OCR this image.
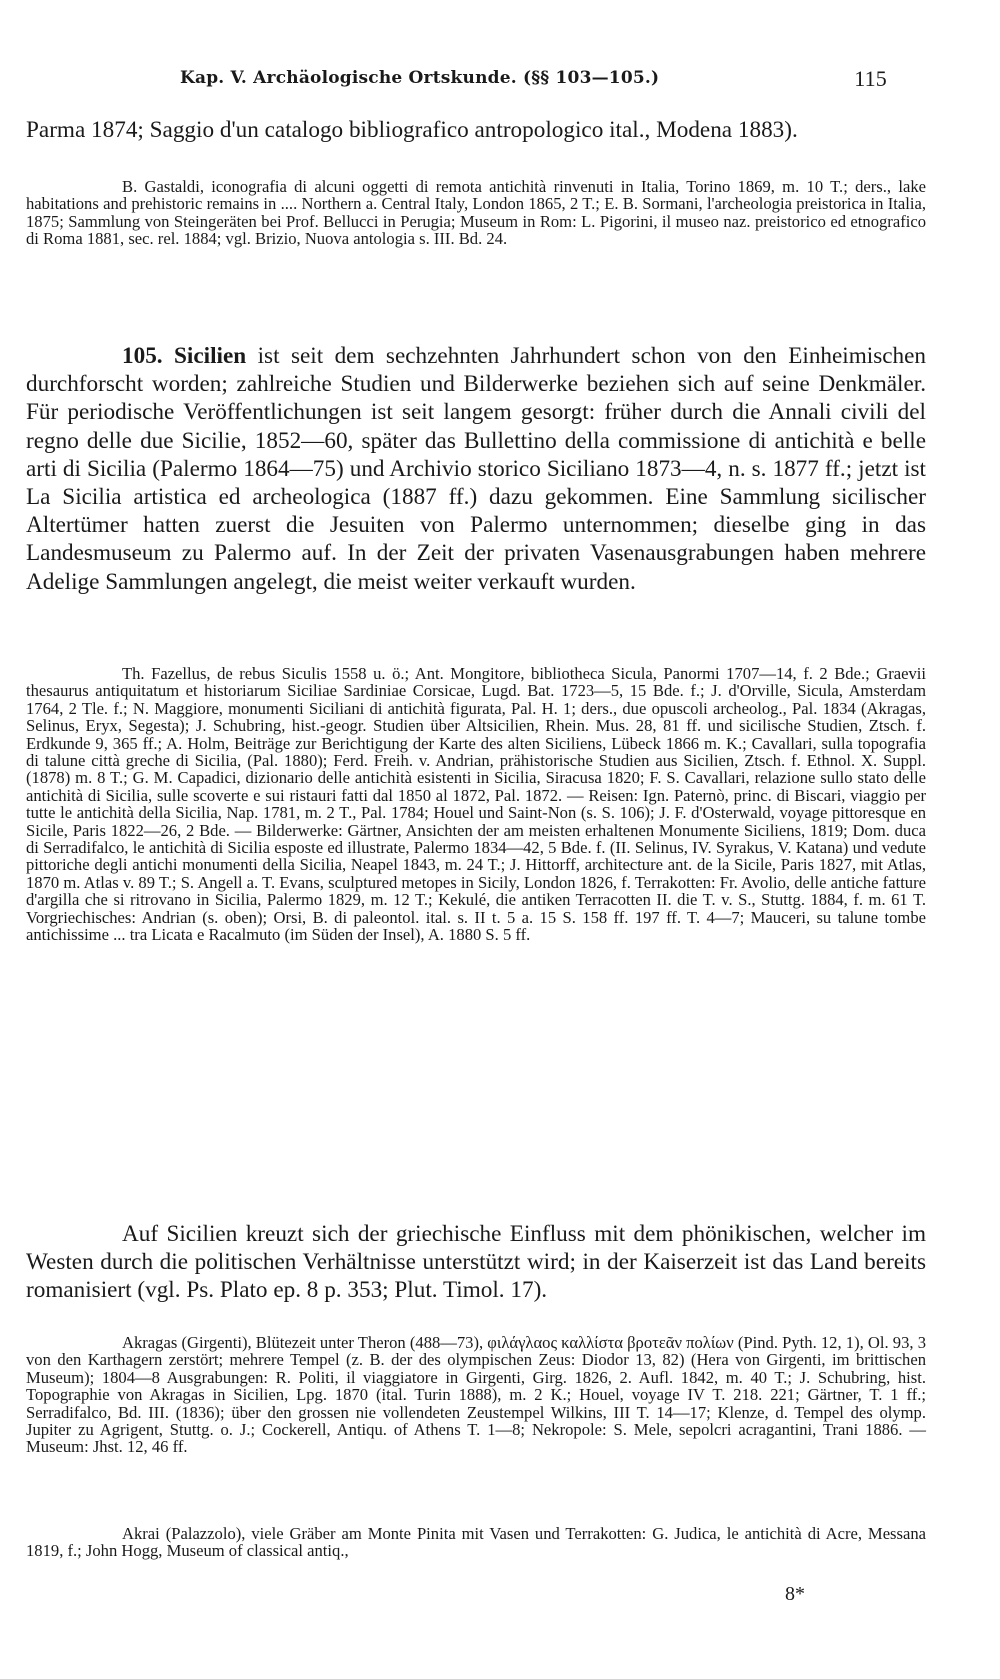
Kap. V. Archäologische Ortskunde. (§§ 103—105.)	115

Parma 1874; Saggio d'un catalogo bibliografico antropologico ital., Modena 1883).

B. Gastaldi, iconografia di alcuni oggetti di remota antichità rinvenuti in Italia, Torino 1869, m. 10 T.; ders., lake habitations and prehistoric remains in .... Northern a. Central Italy, London 1865, 2 T.; E. B. Sormani, l'archeologia preistorica in Italia, 1875; Sammlung von Steingeräten bei Prof. Bellucci in Perugia; Museum in Rom: L. Pigorini, il museo naz. preistorico ed etnografico di Roma 1881, sec. rel. 1884; vgl. Brizio, Nuova antologia s. III. Bd. 24.

105. Sicilien ist seit dem sechzehnten Jahrhundert schon von den Einheimischen durchforscht worden; zahlreiche Studien und Bilderwerke beziehen sich auf seine Denkmäler. Für periodische Veröffentlichungen ist seit langem gesorgt: früher durch die Annali civili del regno delle due Sicilie, 1852—60, später das Bullettino della commissione di antichità e belle arti di Sicilia (Palermo 1864—75) und Archivio storico Siciliano 1873—4, n. s. 1877 ff.; jetzt ist La Sicilia artistica ed archeologica (1887 ff.) dazu gekommen. Eine Sammlung sicilischer Altertümer hatten zuerst die Jesuiten von Palermo unternommen; dieselbe ging in das Landesmuseum zu Palermo auf. In der Zeit der privaten Vasenausgrabungen haben mehrere Adelige Sammlungen angelegt, die meist weiter verkauft wurden.

Th. Fazellus, de rebus Siculis 1558 u. ö.; Ant. Mongitore, bibliotheca Sicula, Panormi 1707—14, f. 2 Bde.; Graevii thesaurus antiquitatum et historiarum Siciliae Sardiniae Corsicae, Lugd. Bat. 1723—5, 15 Bde. f.; J. d'Orville, Sicula, Amsterdam 1764, 2 Tle. f.; N. Maggiore, monumenti Siciliani di antichità figurata, Pal. H. 1; ders., due opuscoli archeolog., Pal. 1834 (Akragas, Selinus, Eryx, Segesta); J. Schubring, hist.-geogr. Studien über Altsicilien, Rhein. Mus. 28, 81 ff. und sicilische Studien, Ztsch. f. Erdkunde 9, 365 ff.; A. Holm, Beiträge zur Berichtigung der Karte des alten Siciliens, Lübeck 1866 m. K.; Cavallari, sulla topografia di talune città greche di Sicilia, (Pal. 1880); Ferd. Freih. v. Andrian, prähistorische Studien aus Sicilien, Ztsch. f. Ethnol. X. Suppl. (1878) m. 8 T.; G. M. Capadici, dizionario delle antichità esistenti in Sicilia, Siracusa 1820; F. S. Cavallari, relazione sullo stato delle antichità di Sicilia, sulle scoverte e sui ristauri fatti dal 1850 al 1872, Pal. 1872. — Reisen: Ign. Paternò, princ. di Biscari, viaggio per tutte le antichità della Sicilia, Nap. 1781, m. 2 T., Pal. 1784; Houel und Saint-Non (s. S. 106); J. F. d'Osterwald, voyage pittoresque en Sicile, Paris 1822—26, 2 Bde. — Bilderwerke: Gärtner, Ansichten der am meisten erhaltenen Monumente Siciliens, 1819; Dom. duca di Serradifalco, le antichità di Sicilia esposte ed illustrate, Palermo 1834—42, 5 Bde. f. (II. Selinus, IV. Syrakus, V. Katana) und vedute pittoriche degli antichi monumenti della Sicilia, Neapel 1843, m. 24 T.; J. Hittorff, architecture ant. de la Sicile, Paris 1827, mit Atlas, 1870 m. Atlas v. 89 T.; S. Angell a. T. Evans, sculptured metopes in Sicily, London 1826, f. Terrakotten: Fr. Avolio, delle antiche fatture d'argilla che si ritrovano in Sicilia, Palermo 1829, m. 12 T.; Kekulé, die antiken Terracotten II. die T. v. S., Stuttg. 1884, f. m. 61 T. Vorgriechisches: Andrian (s. oben); Orsi, B. di paleontol. ital. s. II t. 5 a. 15 S. 158 ff. 197 ff. T. 4—7; Mauceri, su talune tombe antichissime ... tra Licata e Racalmuto (im Süden der Insel), A. 1880 S. 5 ff.

Auf Sicilien kreuzt sich der griechische Einfluss mit dem phönikischen, welcher im Westen durch die politischen Verhältnisse unterstützt wird; in der Kaiserzeit ist das Land bereits romanisiert (vgl. Ps. Plato ep. 8 p. 353; Plut. Timol. 17).

Akragas (Girgenti), Blütezeit unter Theron (488—73), φιλάγλαος καλλίστα βροτεᾶν πολίων (Pind. Pyth. 12, 1), Ol. 93, 3 von den Karthagern zerstört; mehrere Tempel (z. B. der des olympischen Zeus: Diodor 13, 82) (Hera von Girgenti, im brittischen Museum); 1804—8 Ausgrabungen: R. Politi, il viaggiatore in Girgenti, Girg. 1826, 2. Aufl. 1842, m. 40 T.; J. Schubring, hist. Topographie von Akragas in Sicilien, Lpg. 1870 (ital. Turin 1888), m. 2 K.; Houel, voyage IV T. 218. 221; Gärtner, T. 1 ff.; Serradifalco, Bd. III. (1836); über den grossen nie vollendeten Zeustempel Wilkins, III T. 14—17; Klenze, d. Tempel des olymp. Jupiter zu Agrigent, Stuttg. o. J.; Cockerell, Antiqu. of Athens T. 1—8; Nekropole: S. Mele, sepolcri acragantini, Trani 1886. — Museum: Jhst. 12, 46 ff.

Akrai (Palazzolo), viele Gräber am Monte Pinita mit Vasen und Terrakotten: G. Judica, le antichità di Acre, Messana 1819, f.; John Hogg, Museum of classical antiq.,

8*
